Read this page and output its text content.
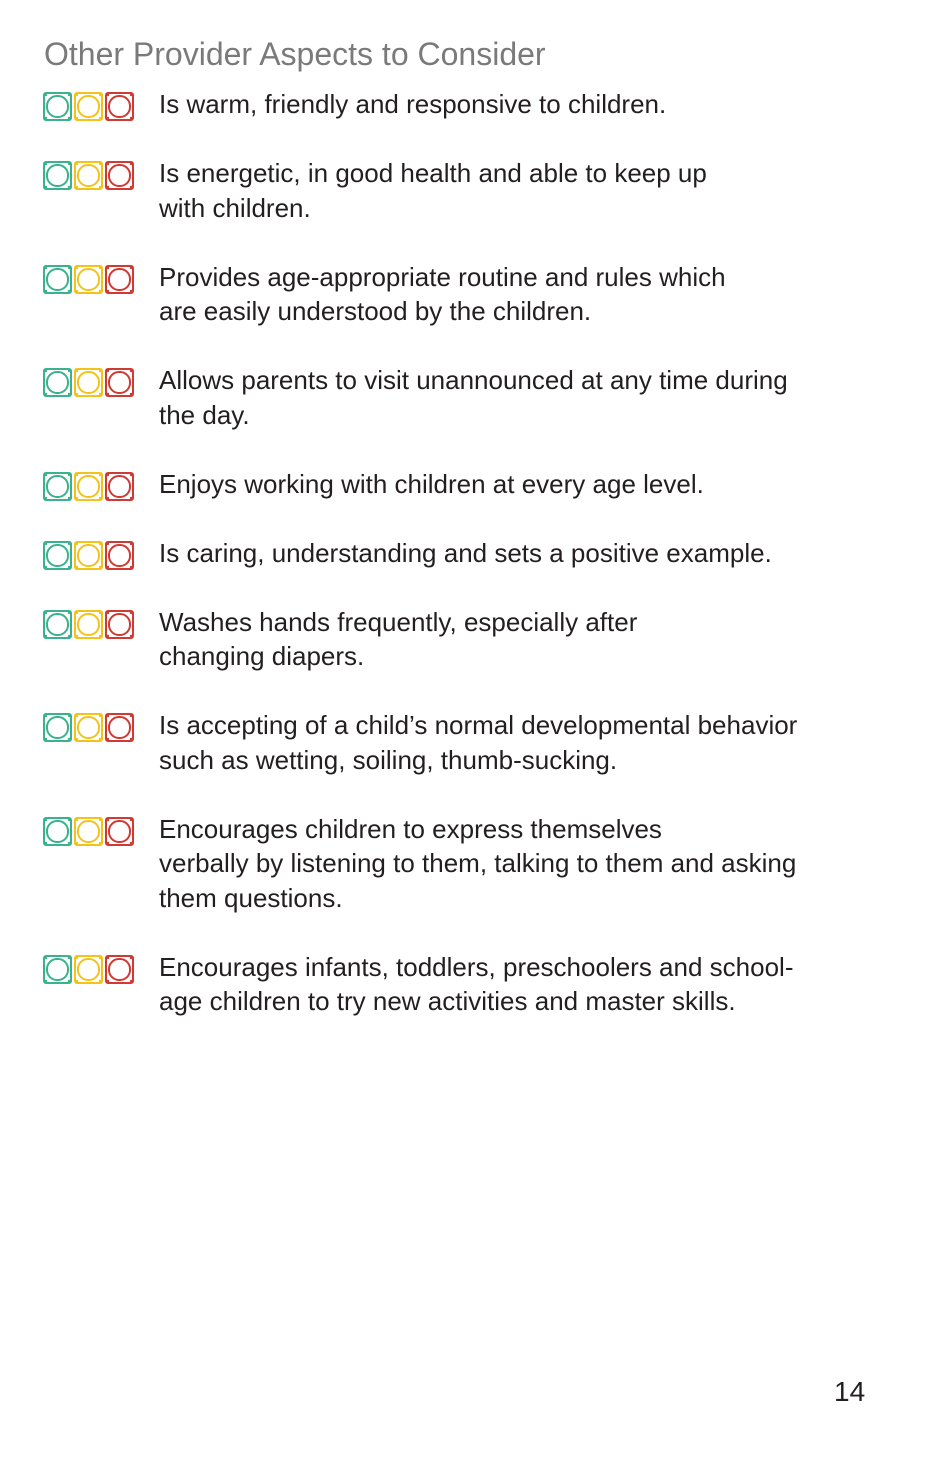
Other Provider Aspects to Consider
Is warm, friendly and responsive to children.
Is energetic, in good health and able to keep up
with children.
Provides age-appropriate routine and rules which
are easily understood by the children.
Allows parents to visit unannounced at any time during
the day.
Enjoys working with children at every age level.
Is caring, understanding and sets a positive example.
Washes hands frequently, especially after
changing diapers.
Is accepting of a child’s normal developmental behavior
such as wetting, soiling, thumb-sucking.
Encourages children to express themselves
verbally by listening to them, talking to them and asking
them questions.
Encourages infants, toddlers, preschoolers and school-
age children to try new activities and master skills.
14
